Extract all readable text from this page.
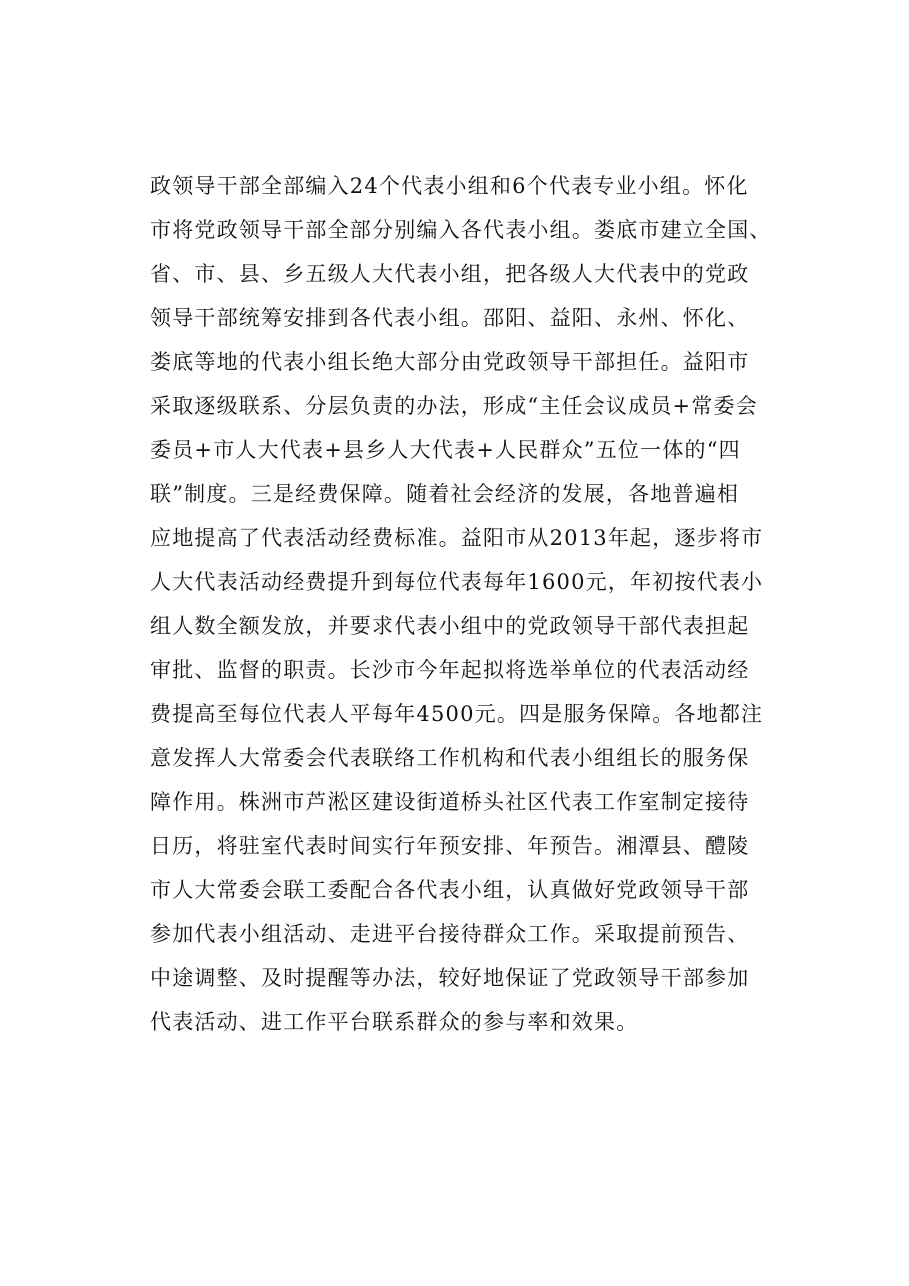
政领导干部全部编入24个代表小组和6个代表专业小组。怀化
市将党政领导干部全部分别编入各代表小组。娄底市建立全国、
省、市、县、乡五级人大代表小组，把各级人大代表中的党政
领导干部统筹安排到各代表小组。邵阳、益阳、永州、怀化、
娄底等地的代表小组长绝大部分由党政领导干部担任。益阳市
采取逐级联系、分层负责的办法，形成“主任会议成员+常委会
委员+市人大代表+县乡人大代表+人民群众”五位一体的“四
联”制度。三是经费保障。随着社会经济的发展，各地普遍相
应地提高了代表活动经费标准。益阳市从2013年起，逐步将市
人大代表活动经费提升到每位代表每年1600元，年初按代表小
组人数全额发放，并要求代表小组中的党政领导干部代表担起
审批、监督的职责。长沙市今年起拟将选举单位的代表活动经
费提高至每位代表人平每年4500元。四是服务保障。各地都注
意发挥人大常委会代表联络工作机构和代表小组组长的服务保
障作用。株洲市芦淞区建设街道桥头社区代表工作室制定接待
日历，将驻室代表时间实行年预安排、年预告。湘潭县、醴陵
市人大常委会联工委配合各代表小组，认真做好党政领导干部
参加代表小组活动、走进平台接待群众工作。采取提前预告、
中途调整、及时提醒等办法，较好地保证了党政领导干部参加
代表活动、进工作平台联系群众的参与率和效果。
